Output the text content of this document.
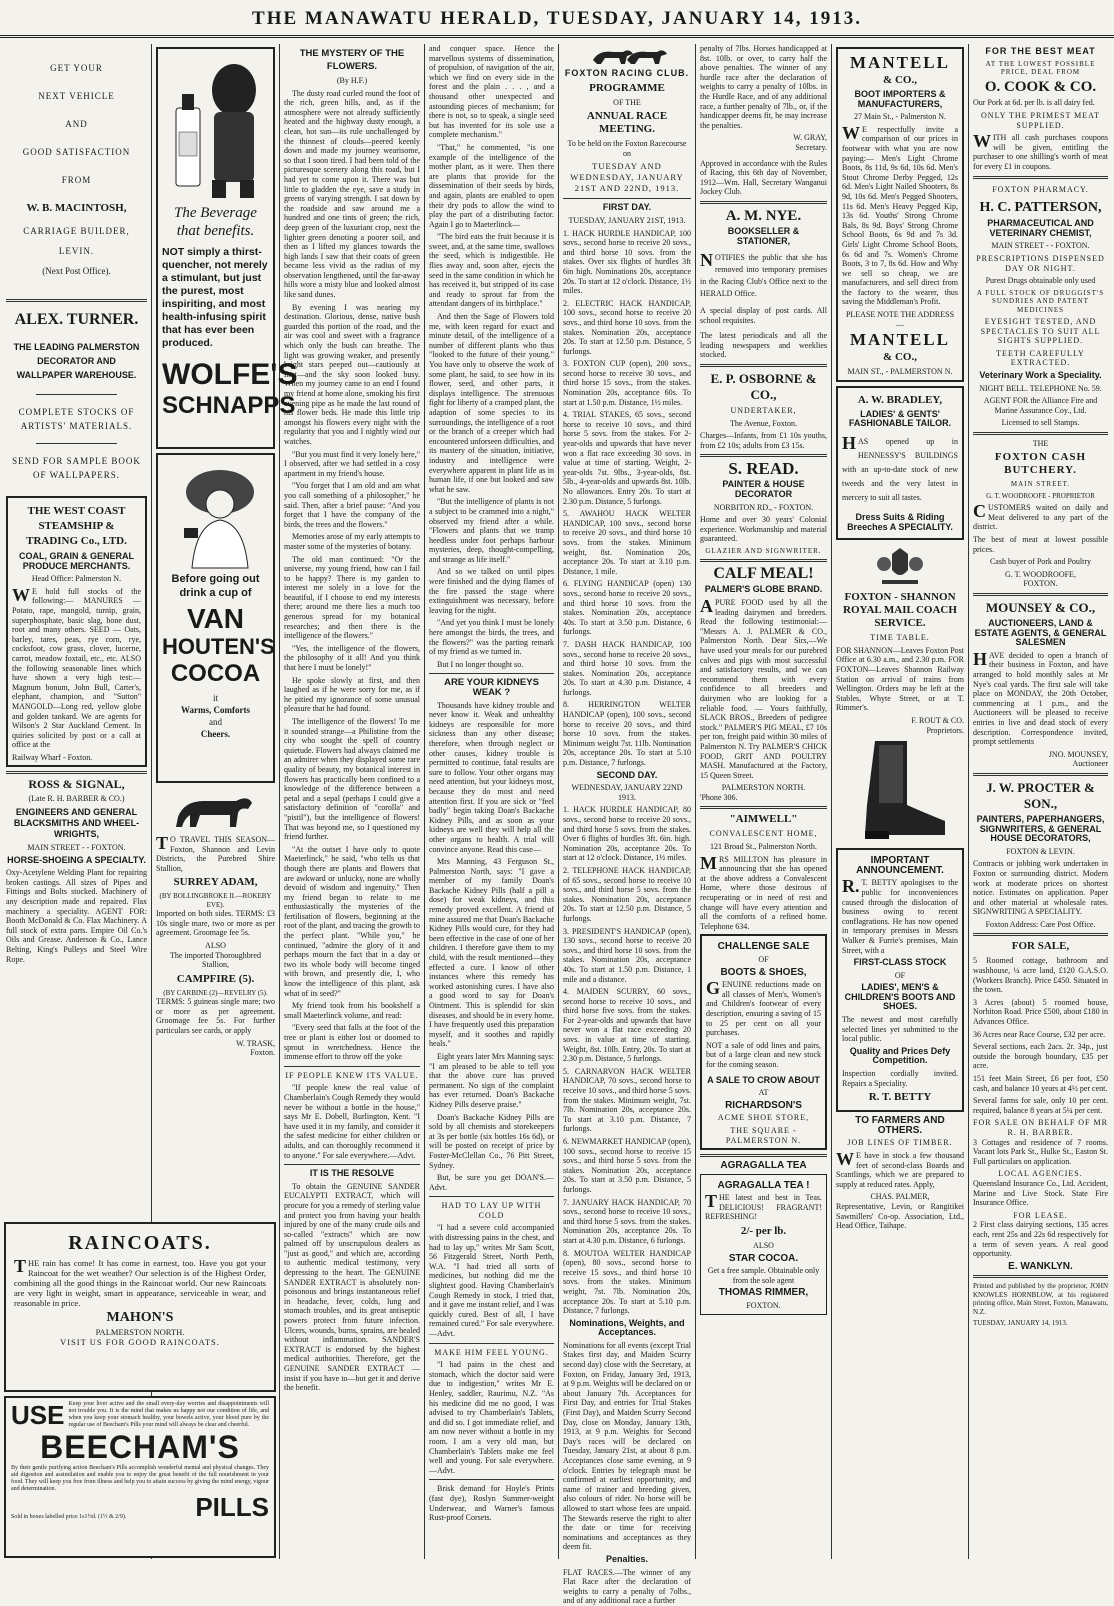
THE MANAWATU HERALD, TUESDAY, JANUARY 14, 1913.
GET YOUR
NEXT VEHICLE
AND
GOOD SATISFACTION
FROM
W. B. MACINTOSH,
CARRIAGE BUILDER,
LEVIN.
(Next Post Office).
ALEX. TURNER.
THE LEADING PALMERSTON DECORATOR AND WALLPAPER WAREHOUSE.
COMPLETE STOCKS OF ARTISTS' MATERIALS.
SEND FOR SAMPLE BOOK OF WALLPAPERS.
THE WEST COAST STEAMSHIP & TRADING Co., LTD.
COAL, GRAIN & GENERAL PRODUCE MERCHANTS.
Head Office: Palmerston N.
WE hold full stocks of the following:— MANURES — Potato, rape, mangold, turnip, grain, superphosphate, basic slag, bone dust, root and many others. SEED — Oats, barley, tares, peas, rye corn, rye, cocksfoot, cow grass, clover, lucerne, carrot, meadow foxtail, etc., etc. ALSO the following seasonable lines which have shown a very high test:— Magnum bonum, John Bull, Carter's, elephant, champion, and "Sutton" MANGOLD—Long red, yellow globe and golden tankard. We are agents for Wilson's 2 Star Auckland Cement. In quiries solicited by post or a call at office at the
Railway Wharf - Foxton.
ROSS & SIGNAL,
(Late R. H. BARBER & CO.)
ENGINEERS AND GENERAL BLACKSMITHS AND WHEEL-WRIGHTS,
MAIN STREET - - FOXTON.
HORSE-SHOEING A SPECIALTY.
Oxy-Acetylene Welding Plant for repairing broken castings. All sizes of Pipes and Fittings and Bolts stocked. Machinery of any description made and repaired. Flax machinery a speciality. AGENT FOR: Booth McDonald & Co. Flax Machinery. A full stock of extra parts. Empire Oil Co.'s Oils and Grease. Anderson & Co., Lance Belting, King's Pulleys and Steel Wire Rope.
The Beverage
that benefits.
NOT simply a thirst-quencher, not merely a stimulant, but just the purest, most inspiriting, and most health-infusing spirit that has ever been produced.
WOLFE'S
SCHNAPPS
Before going out drink a cup of
VAN
HOUTEN'S
COCOA
it
Warms, Comforts
and
Cheers.
TO TRAVEL THIS SEASON— Foxton, Shannon and Levin Districts, the Purebred Shire Stallion,
SURREY ADAM,
(BY BOLLINGBROKE II.—ROKEBY EVE).
Imported on both sides. TERMS: £3 10s single mare, two or more as per agreement. Groomage fee 5s.
ALSO
The imported Thoroughbred Stallion,
CAMPFIRE (5).
(BY CARBINE (2)—REVELRY (5).
TERMS: 5 guineas single mare; two or more as per agreement. Groomage fee 5s. For further particulars see cards, or apply
W. TRASK,
Foxton.
RAINCOATS.
THE rain has come! It has come in earnest, too. Have you got your Raincoat for the wet weather? Our selection is of the Highest Order, combining all the good things in the Raincoat world. Our new Raincoats are very light in weight, smart in appearance, serviceable in wear, and reasonable in price.
MAHON'S
PALMERSTON NORTH.
VISIT US FOR GOOD RAINCOATS.
USE Keep your liver active and the small every-day worries and disappointments will not trouble you. It is the mind that makes us happy not our condition of life, and when you keep your stomach healthy, your bowels active, your blood pure by the regular use of Beecham's Pills your mind will always be clear and cheerful.
BEECHAM'S
By their gentle purifying action Beecham's Pills accomplish wonderful mental and physical changes. They aid digestion and assimilation and enable you to enjoy the great benefit of the full nourishment in your food. They will keep you free from illness and help you to attain success by giving the mind energy, vigour and determination.
Sold in boxes labelled price 1s1½d. (1½ & 2/9).	PILLS
THE MYSTERY OF THE FLOWERS.
(By H.F.)

The dusty road curled round the foot of the rich, green hills, and, as if the atmosphere were not already sufficiently heated and the highway dusty enough, a clean, hot sun—its rule unchallenged by the thinnest of clouds—peered keenly down and made my journey wearisome, so that I soon tired. I had been told of the picturesque scenery along this road, but I had yet to come upon it. There was but little to gladden the eye, save a study in greens of varying strength. I sat down by the roadside and saw around me a hundred and one tints of green; the rich, deep green of the luxuriant crop, next the lighter green denoting a poorer soil, and then as I lifted my glances towards the high lands I saw that their coats of green became less vivid as the radius of my observation lengthened, until the far-away hills wore a misty blue and looked almost like sand dunes.

By evening I was nearing my destination. Glorious, dense, native bush guarded this portion of the road, and the air was cool and sweet with a fragrance which only the bush can breathe. The light was growing weaker, and presently bright stars peeped out—cautiously at first—and the sky soon looked busy. When my journey came to an end I found my friend at home alone, smoking his first evening pipe as he made the last round of his flower beds. He made this little trip amongst his flowers every night with the regularity that you and I nightly wind our watches.

"But you must find it very lonely here," I observed, after we had settled in a cosy apartment in my friend's house.

"You forget that I am old and am what you call something of a philosopher," he said. Then, after a brief pause: "And you forget that I have the company of the birds, the trees and the flowers."

Memories arose of my early attempts to master some of the mysteries of botany.

The old man continued: "Or the universe, my young friend, how can I fail to be happy? There is my garden to interest me solely in a love for the beautiful, if I choose to end my interests there; around me there lies a much too generous spread for my botanical researches; and then there is the intelligence of the flowers."

"Yes, the intelligence of the flowers, the philosophy of it all! And you think that here I must be lonely!"

He spoke slowly at first, and then laughed as if he were sorry for me, as if he pitied my ignorance of some unusual pleasure that he had found.

The intelligence of the flowers! To me it sounded strange—a Philistine from the city who sought the spell of country quietude. Flowers had always claimed me an admirer when they displayed some rare quality of beauty, my botanical interest in flowers has practically been confined to a knowledge of the difference between a petal and a sepal (perhaps I could give a satisfactory definition of "corolla" and "pistil"), but the intelligence of flowers! That was beyond me, so I questioned my friend further.

"At the outset I have only to quote Maeterlinck," he said, "who tells us that though there are plants and flowers that are awkward or unlucky, none are wholly devoid of wisdom and ingenuity." Then my friend began to relate to me enthusiastically the mysteries of the fertilisation of flowers, beginning at the root of the plant, and tracing the growth to the perfect plant. "While you," he continued, "admire the glory of it and perhaps mourn the fact that in a day or two its whole body will become tinged with brown, and presently die, I, who know the intelligence of this plant, ask what of its seed?"

My friend took from his bookshelf a small Maeterlinck volume, and read:

"Every seed that falls at the foot of the tree or plant is either lost or doomed to sprout in wretchedness. Hence the immense effort to throw off the yoke

IF PEOPLE KNEW ITS VALUE.

"If people knew the real value of Chamberlain's Cough Remedy they would never be without a bottle in the house," says Mr E. Dobell, Burlington, Kent. "I have used it in my family, and consider it the safest medicine for either children or adults, and can thoroughly recommend it to anyone." For sale everywhere.—Advt.

IT IS THE RESOLVE

To obtain the GENUINE SANDER EUCALYPTI EXTRACT, which will procure for you a remedy of sterling value and protect you from having your health injured by one of the many crude oils and so-called "extracts" which are now palmed off by unscrupulous dealers as "just as good," and which are, according to authentic medical testimony, very depressing to the heart. The GENUINE SANDER EXTRACT is absolutely non-poisonous and brings instantaneous relief in headache, fever, colds, lung and stomach troubles, and its great antiseptic powers protect from future infection. Ulcers, wounds, burns, sprains, are healed without inflammation. SANDER'S EXTRACT is endorsed by the highest medical authorities. Therefore, get the GENUINE SANDER EXTRACT — insist if you have to—but get it and derive the benefit.

and conquer space. Hence the marvellous systems of dissemination, of propulsion, of navigation of the air, which we find on every side in the forest and the plain . . . , and a thousand other unexpected and astounding pieces of mechanism; for there is not, so to speak, a single seed but has invented for its sole use a complete mechanism."

"That," he commented, "is one example of the intelligence of the mother plant, as it were. Then there are plants that provide for the dissemination of their seeds by birds, and again, plants are enabled to open their dry pods to allow the wind to play the part of a distributing factor. Again I go to Maeterlinck—

"The bird eats the fruit because it is sweet, and, at the same time, swallows the seed, which is indigestible. He flies away and, soon after, ejects the seed in the same condition in which he has received it, but stripped of its case and ready to sprout far from the attendant dangers of its birthplace."

And then the Sage of Flowers told me, with keen regard for exact and minute detail, of the intelligence of a number of different plants who thus "looked to the future of their young." You have only to observe the work of some plant, he said, to see how in its flower, seed, and other parts, it displays intelligence. The strenuous fight for liberty of a cramped plant, the adaption of some species to its surroundings, the intelligence of a root or the branch of a creeper which had encountered unforseen difficulties, and its mastery of the situation, initiative, industry and intelligence were everywhere apparent in plant life as in human life, if one but looked and saw what he saw.

"But the intelligence of plants is not a subject to be crammed into a night," observed my friend after a while. "Flowers and plants that we tramp heedless under foot perhaps harbour mysteries, deep, thought-compelling, and strange as life itself."

And so we talked on until pipes were finished and the dying flames of the fire passed the stage where extinguishment was necessary, before leaving for the night.

"And yet you think I must be lonely here amongst the birds, the trees, and the flowers?" was the parting remark of my friend as we turned in.

But I no longer thought so.

ARE YOUR KIDNEYS WEAK ?

Thousands have kidney trouble and never know it. Weak and unhealthy kidneys are responsible for more sickness than any other disease; therefore, when through neglect or other causes, kidney trouble is permitted to continue, fatal results are sure to follow. Your other organs may need attention, but your kidneys most, because they do most and need attention first. If you are sick or "feel badly" begin taking Doan's Backache Kidney Pills, and as soon as your kidneys are well they will help all the other organs to health. A trial will convince anyone. Read this case—

Mrs Manning, 43 Ferguson St., Palmerston North, says: "I gave a member of my family Doan's Backache Kidney Pills (half a pill a dose) for weak kidneys, and this remedy proved excellent. A friend of mine assured me that Doan's Backache Kidney Pills would cure, for they had been effective in the case of one of her children. I therefore gave them to my child, with the result mentioned—they effected a cure. I know of other instances where this remedy has worked astonishing cures. I have also a good word to say for Doan's Ointment. This is splendid for skin diseases, and should be in every home. I have frequently used this preparation myself, and it soothes and rapidly heals."

Eight years later Mrs Manning says: "I am pleased to be able to tell you that the above cure has proved permanent. No sign of the complaint has ever returned. Doan's Backache Kidney Pills deserve praise."

Doan's Backache Kidney Pills are sold by all chemists and storekeepers at 3s per bottle (six bottles 16s 6d), or will be posted on receipt of price by Foster-McClellan Co., 76 Pitt Street, Sydney.

But, be sure you get DOAN'S.—Advt.

HAD TO LAY UP WITH COLD

"I had a severe cold accompanied with distressing pains in the chest, and had to lay up," writes Mr Sam Scott, 56 Fitzgerald Street, North Perth, W.A. "I had tried all sorts of medicines, but nothing did me the slightest good. Having Chamberlain's Cough Remedy in stock, I tried that, and it gave me instant relief, and I was quickly cured. Best of all, I have remained cured." For sale everywhere.—Advt.

MAKE HIM FEEL YOUNG.

"I had pains in the chest and stomach, which the doctor said were due to indigestion," writes Mr E. Henley, saddler, Raurimu, N.Z. "As his medicine did me no good, I was advised to try Chamberlain's Tablets, and did so. I got immediate relief, and am now never without a bottle in my room. I am a very old man, but Chamberlain's Tablets make me feel well and young. For sale everywhere.—Advt.

Brisk demand for Hoyle's Prints (fast dye), Roslyn Summer-weight Underwear, and Warner's famous Rust-proof Corsets.

FOXTON RACING CLUB.
PROGRAMME
OF THE
ANNUAL RACE MEETING.
To be held on the Foxton Racecourse on
TUESDAY AND WEDNESDAY, JANUARY 21ST AND 22ND, 1913.
FIRST DAY.
TUESDAY, JANUARY 21ST, 1913.
1. HACK HURDLE HANDICAP, 100 sovs., second horse to receive 20 sovs., and third horse 10 sovs. from the stakes. Over six flights of hurdles 3ft 6in high. Nominations 20s, acceptance 20s. To start at 12 o'clock. Distance, 1½ miles.
2. ELECTRIC HACK HANDICAP, 100 sovs., second horse to receive 20 sovs., and third horse 10 sovs. from the stakes. Nomination 20s, acceptance 20s. To start at 12.50 p.m. Distance, 5 furlongs.
3. FOXTON CUP (open), 200 sovs., second horse to receive 30 sovs., and third horse 15 sovs., from the stakes. Nomination 20s, acceptance 60s. To start at 1.50 p.m. Distance, 1½ miles.
4. TRIAL STAKES, 65 sovs., second horse to receive 10 sovs., and third horse 5 sovs. from the stakes. For 2-year-olds and upwards that have never won a flat race exceeding 30 sovs. in value at time of starting. Weight, 2-year-olds 7st. 9lbs., 3-year-olds, 8st. 5lb., 4-year-olds and upwards 8st. 10lb. No allowances. Entry 20s. To start at 2.30 p.m. Distance, 5 furlongs.
5. AWAHOU HACK WELTER HANDICAP, 100 sovs., second horse to receive 20 sovs., and third horse 10 sovs. from the stakes. Minimum weight, 8st. Nomination 20s, acceptance 20s. To start at 3.10 p.m. Distance, 1 mile.
6. FLYING HANDICAP (open) 130 sovs., second horse to receive 20 sovs., and third horse 10 sovs. from the stakes. Nomination 20s, acceptance 40s. To start at 3.50 p.m. Distance, 6 furlongs.
7. DASH HACK HANDICAP, 100 sovs., second horse to receive 20 sovs., and third horse 10 sovs. from the stakes. Nomination 20s, acceptance 20s. To start at 4.30 p.m. Distance, 4 furlongs.
8. HERRINGTON WELTER HANDICAP (open), 100 sovs., second horse to receive 20 sovs., and third horse 10 sovs. from the stakes. Minimum weight 7st. 11lb. Nomination 20s, acceptance 20s. To start at 5.10 p.m. Distance, 7 furlongs.
SECOND DAY.
WEDNESDAY, JANUARY 22ND 1913.
1. HACK HURDLE HANDICAP, 80 sovs., second horse to receive 20 sovs., and third horse 5 sovs. from the stakes. Over 6 flights of hurdles 3ft. 6in. high. Nomination 20s, acceptance 20s. To start at 12 o'clock. Distance, 1½ miles.
2. TELEPHONE HACK HANDICAP, of 65 sovs., second horse to receive 10 sovs., and third horse 5 sovs. from the stakes. Nomination 20s, acceptance 20s. To start at 12.50 p.m. Distance, 5 furlongs.
3. PRESIDENT'S HANDICAP (open), 130 sovs., second horse to receive 20 sovs., and third horse 10 sovs. from the stakes. Nomination 20s, acceptance 40s. To start at 1.50 p.m. Distance, 1 mile and a distance.
4. MAIDEN SCURRY, 60 sovs., second horse to receive 10 sovs., and third horse five sovs. from the stakes. For 2-year-olds and upwards that have never won a flat race exceeding 20 sovs. in value at time of starting. Weight, 8st. 10lb. Entry, 20s. To start at 2.30 p.m. Distance, 5 furlongs.
5. CARNARVON HACK WELTER HANDICAP, 70 sovs., second horse to receive 10 sovs., and third horse 5 sovs. from the stakes. Minimum weight, 7st. 7lb. Nomination 20s, acceptance 20s. To start at 3.10 p.m. Distance, 7 furlongs.
6. NEWMARKET HANDICAP (open), 100 sovs., second horse to receive 15 sovs., and third horse 5 sovs. from the stakes. Nomination 20s, acceptance 20s. To start at 3.50 p.m. Distance, 5 furlongs.
7. JANUARY HACK HANDICAP, 70 sovs., second horse to receive 10 sovs., and third horse 5 sovs. from the stakes. Nomination 20s, acceptance 20s. To start at 4.30 p.m. Distance, 6 furlongs.
8. MOUTOA WELTER HANDICAP (open), 80 sovs., second horse to receive 15 sovs., and third horse 10 sovs. from the stakes. Minimum weight, 7st. 7lb. Nomination 20s, acceptance 20s. To start at 5.10 p.m. Distance, 7 furlongs.
Nominations, Weights, and Acceptances.
Nominations for all events (except Trial Stakes first day, and Maiden Scurry second day) close with the Secretary, at Foxton, on Friday, January 3rd, 1913, at 9 p.m. Weights will be declared on or about January 7th. Acceptances for First Day, and entries for Trial Stakes (First Day), and Maiden Scurry Second Day, close on Monday, January 13th, 1913, at 9 p.m. Weights for Second Day's races will be declared on Tuesday, January 21st, at about 8 p.m. Acceptances close same evening, at 9 o'clock. Entries by telegraph must be confirmed at earliest opportunity, and name of trainer and breeding given, also colours of rider. No horse will be allowed to start whose fees are unpaid. The Stewards reserve the right to alter the date or time for receiving nominations and acceptances as they deem fit.
Penalties.
FLAT RACES.—The winner of any Flat Race after the declaration of weights to carry a penalty of 7olbs., and of any additional race a further
penalty of 7lbs. Horses handicapped at 8st. 10lb. or over, to carry half the above penalties. The winner of any hurdle race after the declaration of weights to carry a penalty of 10lbs. in the Hurdle Race, and of any additional race, a further penalty of 7lb., or, if the handicapper deems fit, he may increase the penalties.
W. GRAY,
Secretary.
Approved in accordance with the Rules of Racing, this 6th day of November, 1912—Wm. Hall, Secretary Wanganui Jockey Club.
A. M. NYE.
BOOKSELLER & STATIONER,
NOTIFIES the public that she has removed into temporary premises in the Racing Club's Office next to the HERALD Office.
A special display of post cards. All school requisites.
The latest periodicals and all the leading newspapers and weeklies stocked.
E. P. OSBORNE & CO.,
UNDERTAKER,
The Avenue, Foxton.
Charges—Infants, from £1 10s youths, from £2 10s; adults from £3 15s.
S. READ.
PAINTER & HOUSE DECORATOR
NORBITON RD., - FOXTON.
Home and over 30 years' Colonial experience. Workmanship and material guaranteed.
GLAZIER AND SIGNWRITER.
CALF MEAL!
PALMER'S GLOBE BRAND.
APURE FOOD used by all the leading dairymen and breeders. Read the following testimonial:— "Messrs A. J. PALMER & CO., Palmerston North. Dear Sirs,—We have used your meals for our purebred calves and pigs with most successful and satisfactory results, and we can recommend them with every confidence to all breeders and dairymen who are looking for a reliable food. — Yours faithfully, SLACK BROS., Breeders of pedigree stock." PALMER'S PIG MEAL, £7 10s per ton, freight paid within 30 miles of Palmerston N. Try PALMER'S CHICK FOOD, GRIT AND POULTRY MASH. Manufactured at the Factory, 15 Queen Street.
PALMERSTON NORTH.
'Phone 306.
"AIMWELL"
CONVALESCENT HOME,
121 Broad St., Palmerston North.
MRS MILLTON has pleasure in announcing that she has opened at the above address a Convalescent Home, where those desirous of recuperating or in need of rest and change will have every attention and all the comforts of a refined home. Telephone 634.
CHALLENGE SALE
OF
BOOTS & SHOES,
GENUINE reductions made on all classes of Men's, Women's and Children's footwear of every description, ensuring a saving of 15 to 25 per cent on all your purchases.
NOT a sale of odd lines and pairs, but of a large clean and new stock for the coming season.
A SALE TO CROW ABOUT
AT
RICHARDSON'S
ACME SHOE STORE,
THE SQUARE - PALMERSTON N.
AGRAGALLA TEA
AGRAGALLA TEA !
THE latest and best in Teas. DELICIOUS! FRAGRANT! REFRESHING!
2/- per lb.
ALSO
STAR COCOA.
Get a free sample. Obtainable only from the sole agent
THOMAS RIMMER,
FOXTON.
MANTELL
& CO.,
BOOT IMPORTERS & MANUFACTURERS,
27 Main St., - Palmerston N.
WE respectfully invite a comparison of our prices in footwear with what you are now paying:— Men's Light Chrome Boots, 8s 11d, 9s 6d, 10s 6d. Men's Stout Chrome Derby Pegged, 12s 6d. Men's Light Nailed Shooters, 8s 9d, 10s 6d. Men's Pegged Shooters, 11s 6d. Men's Heavy Pegged Kip, 13s 6d. Youths' Strong Chrome Bals, 8s 9d. Boys' Strong Chrome School Boots, 6s 9d and 7s 3d. Girls' Light Chrome School Boots, 6s 6d and 7s. Women's Chrome Boots, 3 to 7, 8s 6d. How and Why we sell so cheap, we are manufacturers, and sell direct from the factory to the wearer, thus saving the Middleman's Profit.
PLEASE NOTE THE ADDRESS—
MANTELL
& CO.,
MAIN ST., - PALMERSTON N.
A. W. BRADLEY,
LADIES' & GENTS' FASHIONABLE TAILOR.
HAS opened up in HENNESSY'S BUILDINGS with an up-to-date stock of new tweeds and the very latest in mercery to suit all tastes.
Dress Suits & Riding Breeches A SPECIALITY.
FOXTON - SHANNON ROYAL MAIL COACH SERVICE.
TIME TABLE.
FOR SHANNON—Leaves Foxton Post Office at 6.30 a.m., and 2.30 p.m. FOR FOXTON—Leaves Shannon Railway Station on arrival of trains from Wellington. Orders may be left at the Stables, Whyte Street, or at T. Rimmer's.
F. ROUT & CO.
Proprietors.
IMPORTANT ANNOUNCEMENT.
R.T. BETTY apologises to the public for inconveniences caused through the dislocation of business owing to recent conflagrations. He has now opened in temporary premises in Messrs Walker & Furrie's premises, Main Street, with a
FIRST-CLASS STOCK
OF
LADIES', MEN'S & CHILDREN'S BOOTS AND SHOES.
The newest and most carefully selected lines yet submitted to the local public.
Quality and Prices Defy Competition.
Inspection cordially invited. Repairs a Speciality.
R. T. BETTY
TO FARMERS AND OTHERS.
JOB LINES OF TIMBER.
WE have in stock a few thousand feet of second-class Boards and Scantlings, which we are prepared to supply at reduced rates. Apply,
CHAS. PALMER,
Representative, Levin, or Rangitikei Sawmillers' Co-op. Association, Ltd., Head Office, Taihape.
FOR THE BEST MEAT
AT THE LOWEST POSSIBLE PRICE, DEAL FROM
O. COOK & CO.
Our Pork at 6d. per lb. is all dairy fed.
ONLY THE PRIMEST MEAT SUPPLIED.
WITH all cash purchases coupons will be given, entitling the purchaser to one shilling's worth of meat for every £1 in coupons.
FOXTON PHARMACY.
H. C. PATTERSON,
PHARMACEUTICAL AND VETERINARY CHEMIST,
MAIN STREET - - FOXTON.
PRESCRIPTIONS DISPENSED DAY OR NIGHT.
Purest Drugs obtainable only used
A FULL STOCK OF DRUGGIST'S SUNDRIES AND PATENT MEDICINES
EYESIGHT TESTED, AND SPECTACLES TO SUIT ALL SIGHTS SUPPLIED.
TEETH CAREFULLY EXTRACTED.
Veterinary Work a Speciality.
NIGHT BELL. TELEPHONE No. 59.
AGENT FOR the Alliance Fire and Marine Assurance Coy., Ltd.
Licensed to sell Stamps.
THE
FOXTON CASH BUTCHERY.
MAIN STREET.
G. T. WOODROOFE - PROPRIETOR
CUSTOMERS waited on daily and Meat delivered to any part of the district.
The best of meat at lowest possible prices.
Cash buyer of Pork and Poultry
G. T. WOODROOFE,
FOXTON.
MOUNSEY & CO.,
AUCTIONEERS, LAND & ESTATE AGENTS, & GENERAL SALESMEN
HAVE decided to open a branch of their business in Foxton, and have arranged to hold monthly sales at Mr Nye's coal yards. The first sale will take place on MONDAY, the 20th October, commencing at 1 p.m., and the Auctioneers will be pleased to receive entries in live and dead stock of every description. Correspondence invited, prompt settlements
JNO. MOUNSEY,
Auctioneer
J. W. PROCTER & SON.,
PAINTERS, PAPERHANGERS, SIGNWRITERS, & GENERAL HOUSE DECORATORS,
FOXTON & LEVIN.
Contracts or jobbing work undertaken in Foxton or surrounding district. Modern work at moderate prices on shortest notice. Estimates on application. Paper and other material at wholesale rates. SIGNWRITING A SPECIALITY.
Foxton Address: Care Post Office.
FOR SALE,
5 Roomed cottage, bathroom and washhouse, ¼ acre land, £120 G.A.S.O. (Workers Branch). Price £450. Situated in the town.
3 Acres (about) 5 roomed house, Norbiton Road. Price £500, about £180 in Advances Office.
36 Acres near Race Course, £32 per acre.
Several sections, each 2acs. 2r. 34p., just outside the borough boundary, £35 per acre.
151 feet Main Street, £6 per foot, £50 cash, and balance 10 years at 4½ per cent.
Several farms for sale, only 10 per cent. required, balance 8 years at 5¼ per cent.
FOR SALE ON BEHALF OF MR R. H. BARBER.
3 Cottages and residence of 7 rooms. Vacant lots Park St., Hulke St., Easton St. Full particulars on application.
LOCAL AGENCIES.
Queensland Insurance Co., Ltd. Accident, Marine and Live Stock. State Fire Insurance Office.
FOR LEASE.
2 First class dairying sections, 135 acres each, rent 25s and 22s 6d respectively for a term of seven years. A real good opportunity.
E. WANKLYN.
Printed and published by the proprietor, JOHN KNOWLES HORNBLOW, at his registered printing office, Main Street, Foxton, Manawatu, N.Z.
TUESDAY, JANUARY 14, 1913.
